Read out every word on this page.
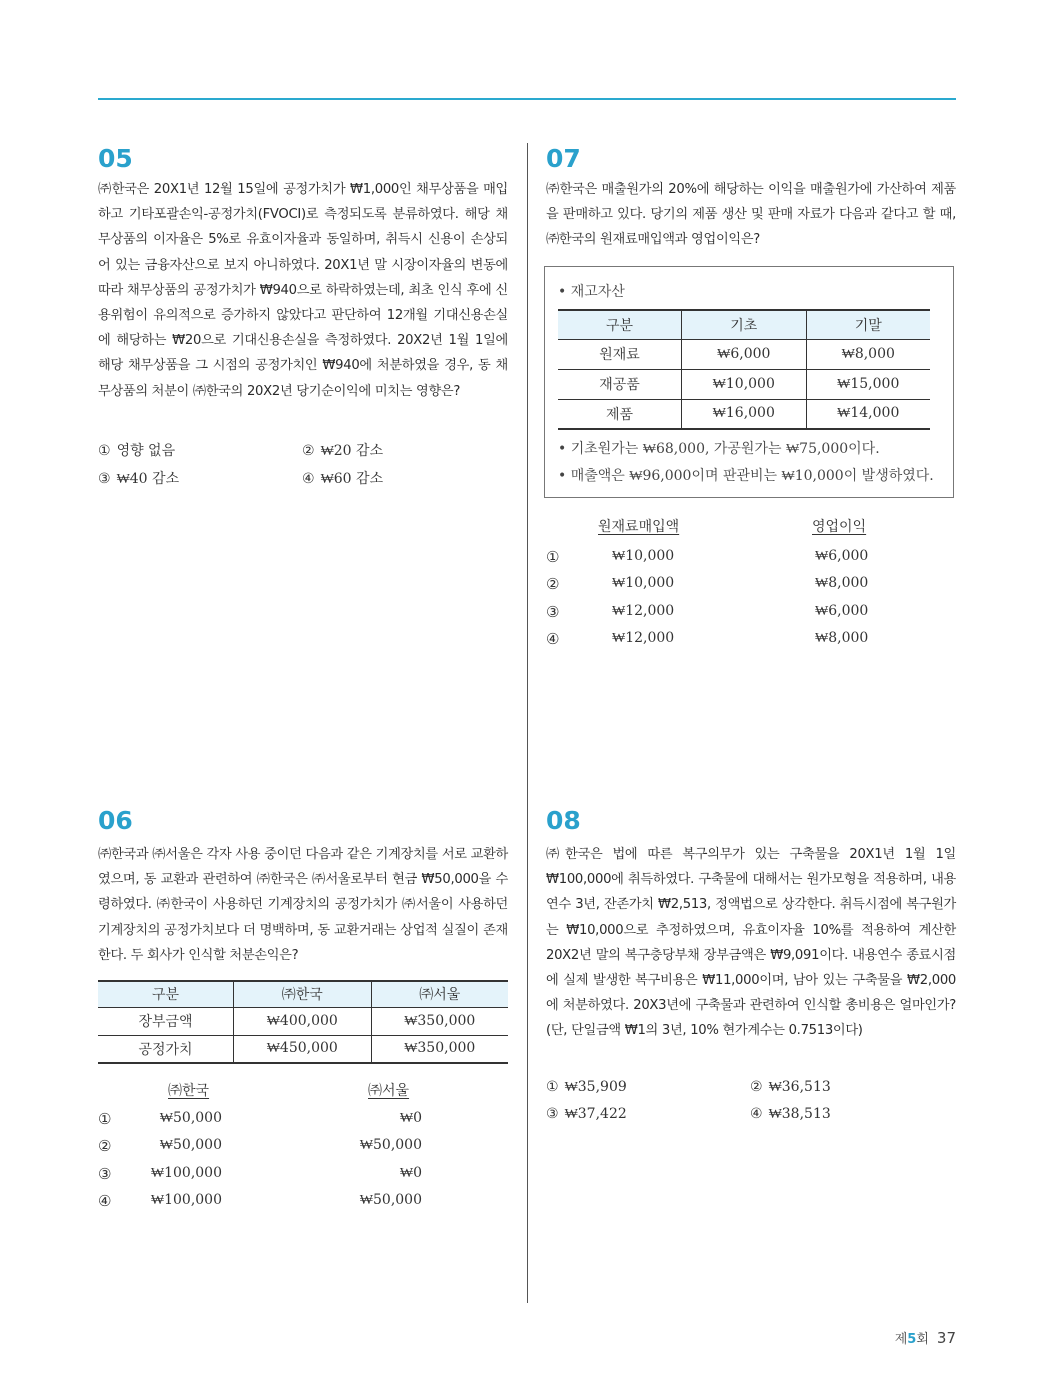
05
㈜한국은 20X1년 12월 15일에 공정가치가 ₩1,000인 채무상품을 매입하고 기타포괄손익-공정가치(FVOCI)로 측정되도록 분류하였다. 해당 채무상품의 이자율은 5%로 유효이자율과 동일하며, 취득시 신용이 손상되어 있는 금융자산으로 보지 아니하였다. 20X1년 말 시장이자율의 변동에 따라 채무상품의 공정가치가 ₩940으로 하락하였는데, 최초 인식 후에 신용위험이 유의적으로 증가하지 않았다고 판단하여 12개월 기대신용손실에 해당하는 ₩20으로 기대신용손실을 측정하였다. 20X2년 1월 1일에 해당 채무상품을 그 시점의 공정가치인 ₩940에 처분하였을 경우, 동 채무상품의 처분이 ㈜한국의 20X2년 당기순이익에 미치는 영향은?
① 영향 없음	② ₩20 감소
③ ₩40 감소	④ ₩60 감소
07
㈜한국은 매출원가의 20%에 해당하는 이익을 매출원가에 가산하여 제품을 판매하고 있다. 당기의 제품 생산 및 판매 자료가 다음과 같다고 할 때, ㈜한국의 원재료매입액과 영업이익은?
• 재고자산
구분	기초	기말
원재료	₩6,000	₩8,000
재공품	₩10,000	₩15,000
제품	₩16,000	₩14,000
• 기초원가는 ₩68,000, 가공원가는 ₩75,000이다.
• 매출액은 ₩96,000이며 판관비는 ₩10,000이 발생하였다.
원재료매입액	영업이익
①	₩10,000	₩6,000
②	₩10,000	₩8,000
③	₩12,000	₩6,000
④	₩12,000	₩8,000
06
㈜한국과 ㈜서울은 각자 사용 중이던 다음과 같은 기계장치를 서로 교환하였으며, 동 교환과 관련하여 ㈜한국은 ㈜서울로부터 현금 ₩50,000을 수령하였다. ㈜한국이 사용하던 기계장치의 공정가치가 ㈜서울이 사용하던 기계장치의 공정가치보다 더 명백하며, 동 교환거래는 상업적 실질이 존재한다. 두 회사가 인식할 처분손익은?
구분	㈜한국	㈜서울
장부금액	₩400,000	₩350,000
공정가치	₩450,000	₩350,000
㈜한국	㈜서울
①	₩50,000	₩0
②	₩50,000	₩50,000
③	₩100,000	₩0
④	₩100,000	₩50,000
08
㈜한국은 법에 따른 복구의무가 있는 구축물을 20X1년 1월 1일 ₩100,000에 취득하였다. 구축물에 대해서는 원가모형을 적용하며, 내용연수 3년, 잔존가치 ₩2,513, 정액법으로 상각한다. 취득시점에 복구원가는 ₩10,000으로 추정하였으며, 유효이자율 10%를 적용하여 계산한 20X2년 말의 복구충당부채 장부금액은 ₩9,091이다. 내용연수 종료시점에 실제 발생한 복구비용은 ₩11,000이며, 남아 있는 구축물을 ₩2,000에 처분하였다. 20X3년에 구축물과 관련하여 인식할 총비용은 얼마인가? (단, 단일금액 ₩1의 3년, 10% 현가계수는 0.7513이다)
① ₩35,909	② ₩36,513
③ ₩37,422	④ ₩38,513
제5회 37
